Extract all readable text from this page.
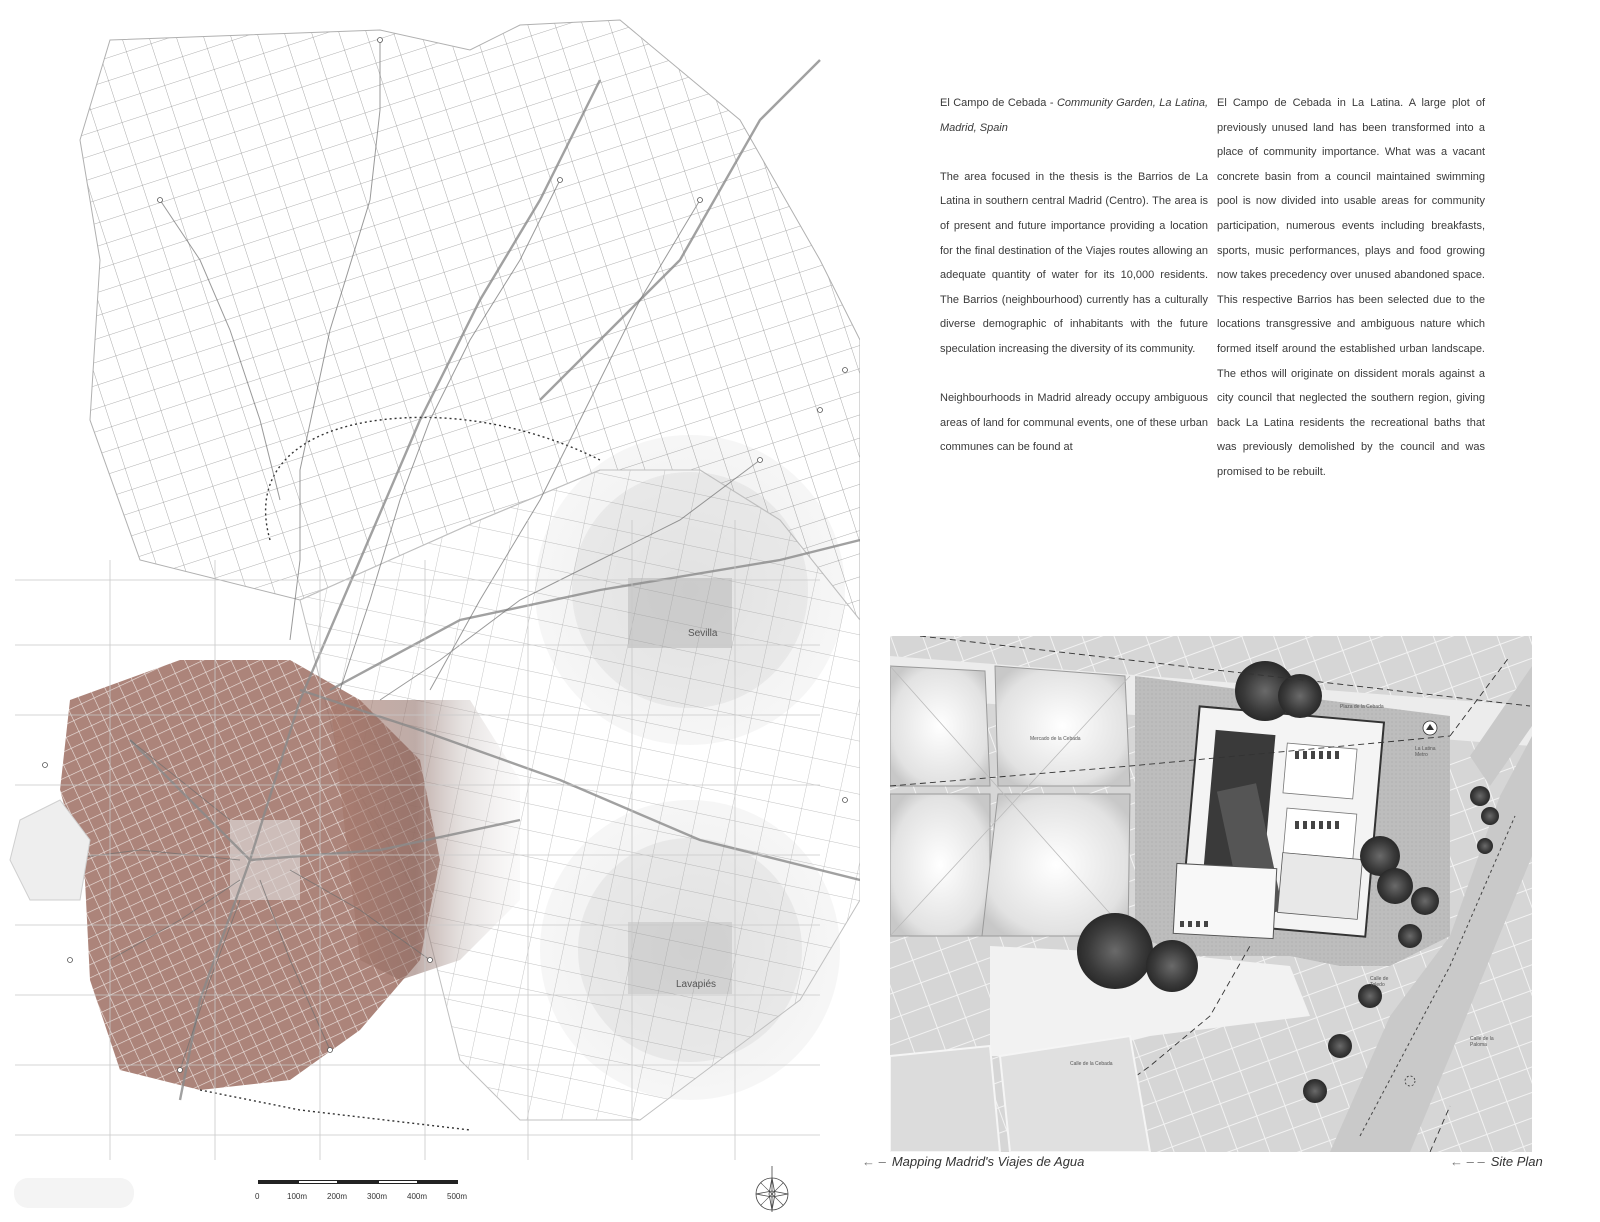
Sevilla
Lavapiés
0	100m 200m 300m 400m 500m

El Campo de Cebada - Community Garden, La Latina, Madrid, Spain

The area focused in the thesis is the Barrios de La Latina in southern central Madrid (Centro). The area is of present and future importance providing a location for the final destination of the Viajes routes allowing an adequate quantity of water for its 10,000 residents. The Barrios (neighbourhood) currently has a culturally diverse demographic of inhabitants with the future speculation increasing the diversity of its community.

Neighbourhoods in Madrid already occupy ambiguous areas of land for communal events, one of these urban communes can be found at

El Campo de Cebada in La Latina. A large plot of previously unused land has been transformed into a place of community importance. What was a vacant concrete basin from a council maintained swimming pool is now divided into usable areas for community participation, numerous events including breakfasts, sports, music performances, plays and food growing now takes precedency over unused abandoned space. This respective Barrios has been selected due to the locations transgressive and ambiguous nature which formed itself around the established urban landscape. The ethos will originate on dissident morals against a city council that neglected the southern region, giving back La Latina residents the recreational baths that was previously demolished by the council and was promised to be rebuilt.

Mercado de la Cebada
Plaza de la Cebada
La Latina Metro
Calle de Toledo
Calle de la Cebada
Calle de la Paloma
← – Mapping Madrid's Viajes de Agua	← – – Site Plan
